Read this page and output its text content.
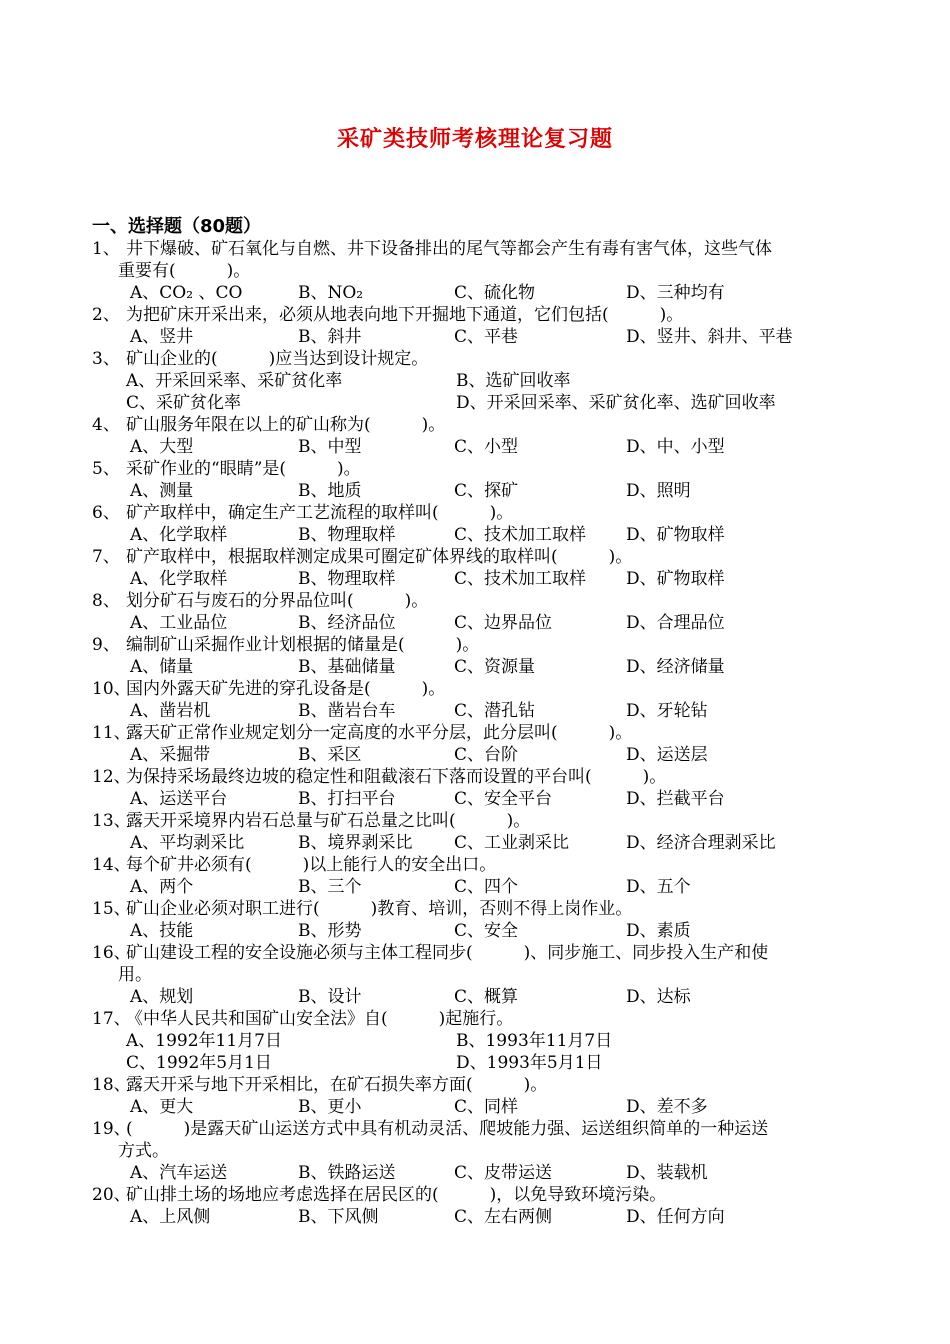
采矿类技师考核理论复习题
一、选择题（80题）
1、 井下爆破、矿石氧化与自燃、井下设备排出的尾气等都会产生有毒有害气体，这些气体
重要有(　　　)。
A、CO₂ 、CO	B、NO₂	C、硫化物	D、三种均有
2、 为把矿床开采出来，必须从地表向地下开掘地下通道，它们包括(　　　)。
A、竖井	B、斜井	C、平巷	D、竖井、斜井、平巷
3、 矿山企业的(　　　)应当达到设计规定。
A、开采回采率、采矿贫化率	B、选矿回收率
C、采矿贫化率	D、开采回采率、采矿贫化率、选矿回收率
4、 矿山服务年限在以上的矿山称为(　　　)。
A、大型	B、中型	C、小型	D、中、小型
5、 采矿作业的“眼睛”是(　　　)。
A、测量	B、地质	C、探矿	D、照明
6、 矿产取样中，确定生产工艺流程的取样叫(　　　)。
A、化学取样	B、物理取样	C、技术加工取样 D、矿物取样
7、 矿产取样中，根据取样测定成果可圈定矿体界线的取样叫(　　　)。
A、化学取样	B、物理取样	C、技术加工取样 D、矿物取样
8、 划分矿石与废石的分界品位叫(　　　)。
A、工业品位	B、经济品位	C、边界品位	D、合理品位
9、 编制矿山采掘作业计划根据的储量是(　　　)。
A、储量	B、基础储量	C、资源量	D、经济储量
10、国内外露天矿先进的穿孔设备是(　　　)。
A、凿岩机	B、凿岩台车	C、潜孔钻	D、牙轮钻
11、露天矿正常作业规定划分一定高度的水平分层，此分层叫(　　　)。
A、采掘带	B、采区	C、台阶	D、运送层
12、为保持采场最终边坡的稳定性和阻截滚石下落而设置的平台叫(　　　)。
A、运送平台	B、打扫平台	C、安全平台	D、拦截平台
13、露天开采境界内岩石总量与矿石总量之比叫(　　　)。
A、平均剥采比	B、境界剥采比 C、工业剥采比	D、经济合理剥采比
14、每个矿井必须有(　　　)以上能行人的安全出口。
A、两个	B、三个	C、四个	D、五个
15、矿山企业必须对职工进行(　　　)教育、培训，否则不得上岗作业。
A、技能	B、形势	C、安全	D、素质
16、矿山建设工程的安全设施必须与主体工程同步(　　　)、同步施工、同步投入生产和使
用。
A、规划	B、设计	C、概算	D、达标
17、《中华人民共和国矿山安全法》自(　　　)起施行。
A、1992年11月7日	B、1993年11月7日
C、1992年5月1日	D、1993年5月1日
18、露天开采与地下开采相比，在矿石损失率方面(　　　)。
A、更大	B、更小	C、同样	D、差不多
19、(　　　)是露天矿山运送方式中具有机动灵活、爬坡能力强、运送组织简单的一种运送
方式。
A、汽车运送	B、铁路运送	C、皮带运送	D、装载机
20、矿山排土场的场地应考虑选择在居民区的(　　　)，以免导致环境污染。
A、上风侧	B、下风侧	C、左右两侧	D、任何方向
